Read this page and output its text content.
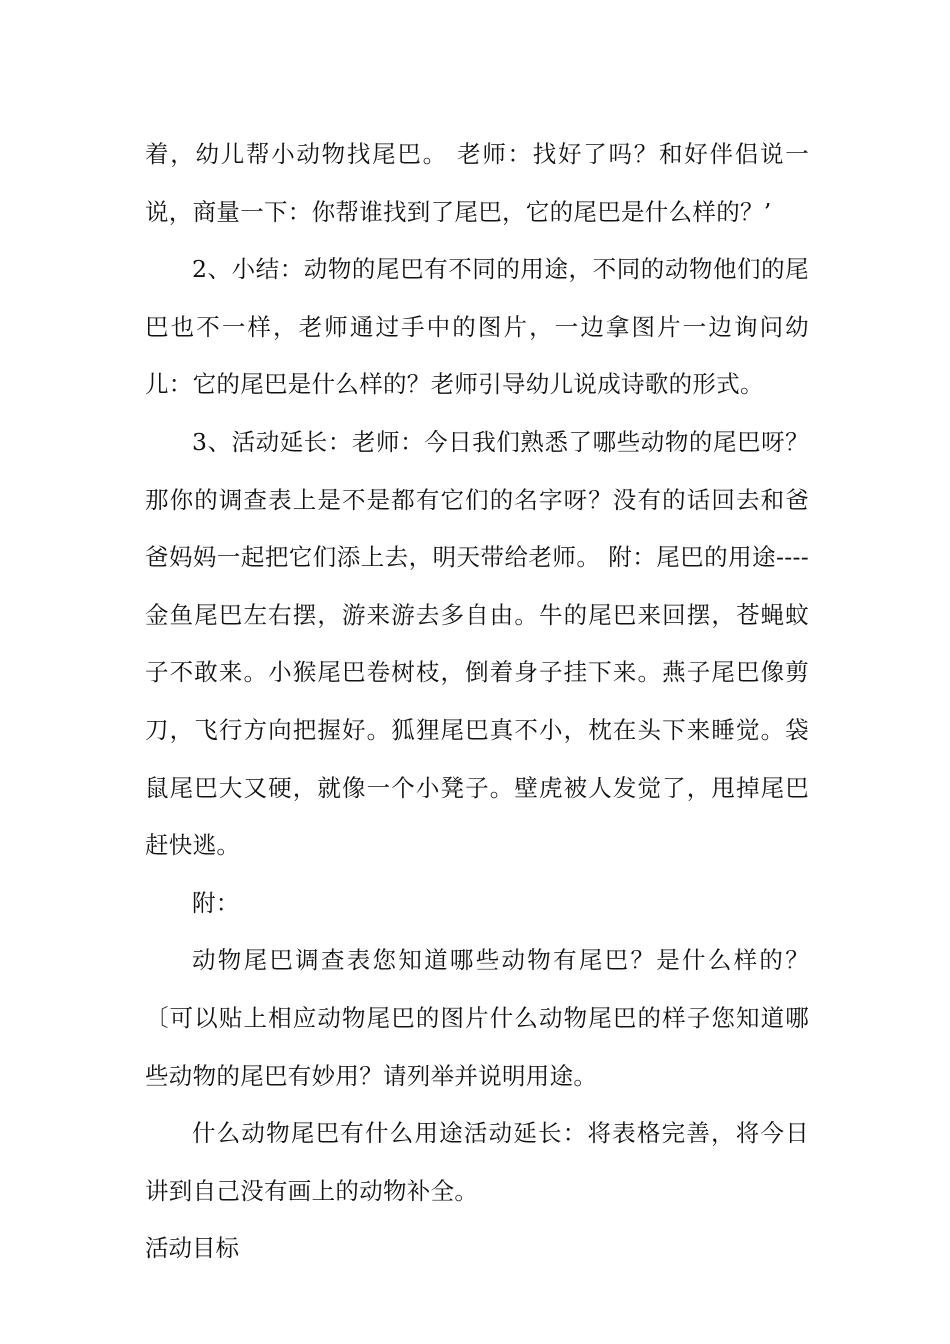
着，幼儿帮小动物找尾巴。 老师：找好了吗？和好伴侣说一说，商量一下：你帮谁找到了尾巴，它的尾巴是什么样的？’

2、小结：动物的尾巴有不同的用途，不同的动物他们的尾巴也不一样，老师通过手中的图片，一边拿图片一边询问幼儿：它的尾巴是什么样的？老师引导幼儿说成诗歌的形式。

3、活动延长：老师：今日我们熟悉了哪些动物的尾巴呀？那你的调查表上是不是都有它们的名字呀？没有的话回去和爸爸妈妈一起把它们添上去，明天带给老师。 附：尾巴的用途----金鱼尾巴左右摆，游来游去多自由。牛的尾巴来回摆，苍蝇蚊子不敢来。小猴尾巴卷树枝，倒着身子挂下来。燕子尾巴像剪刀，飞行方向把握好。狐狸尾巴真不小，枕在头下来睡觉。袋鼠尾巴大又硬，就像一个小凳子。壁虎被人发觉了，甩掉尾巴赶快逃。

附：

动物尾巴调查表您知道哪些动物有尾巴？是什么样的？〔可以贴上相应动物尾巴的图片什么动物尾巴的样子您知道哪些动物的尾巴有妙用？请列举并说明用途。

什么动物尾巴有什么用途活动延长：将表格完善，将今日讲到自己没有画上的动物补全。

活动目标
